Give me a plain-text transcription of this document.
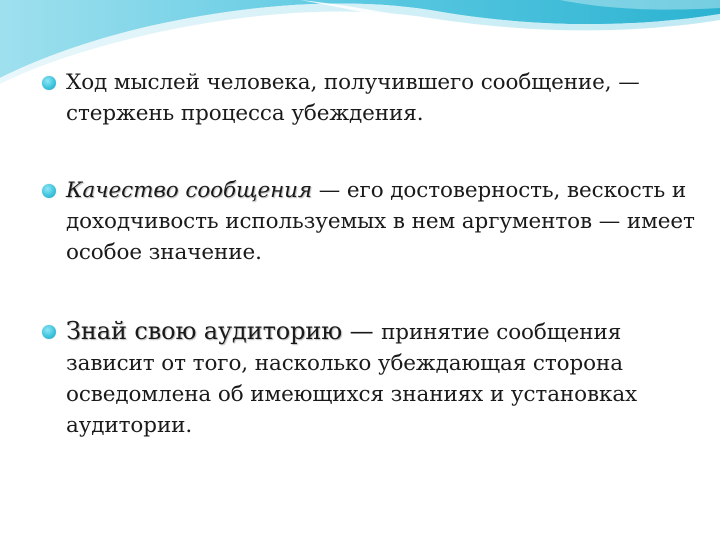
Ход мыслей человека, получившего сообщение, — стержень процесса убеждения.

Качество сообщения — его достоверность, вескость и доходчивость используемых в нем аргументов — имеет особое значение.

Знай свою аудиторию — принятие сообщения зависит от того, насколько убеждающая сторона осведомлена об имеющихся знаниях и установках аудитории.
